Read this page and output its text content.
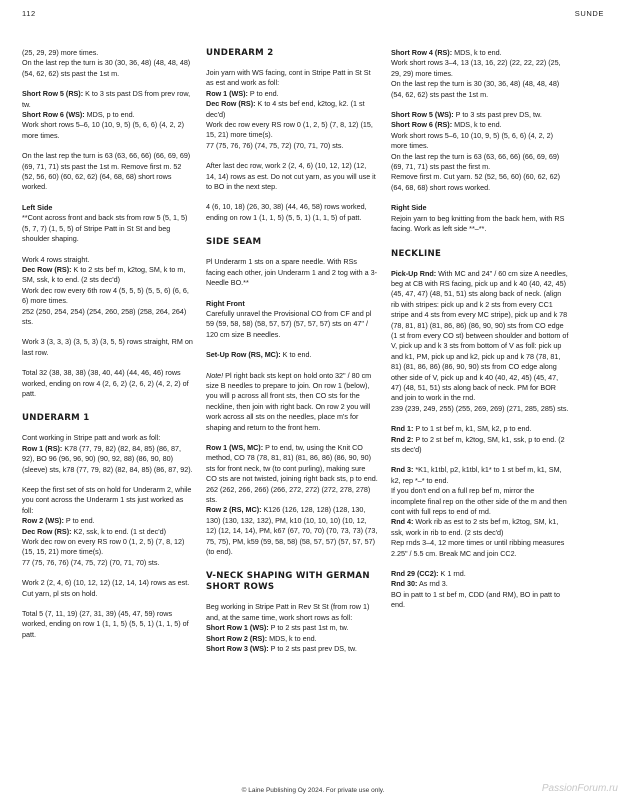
112	SUNDE

(25, 29, 29) more times.
On the last rep the turn is 30 (30, 36, 48) (48, 48, 48) (54, 62, 62) sts past the 1st m.

Short Row 5 (RS): K to 3 sts past DS from prev row, tw.
Short Row 6 (WS): MDS, p to end.
Work short rows 5–6, 10 (10, 9, 5) (5, 6, 6) (4, 2, 2) more times.

On the last rep the turn is 63 (63, 66, 66) (66, 69, 69) (69, 71, 71) sts past the 1st m. Remove first m. 52 (52, 56, 60) (60, 62, 62) (64, 68, 68) short rows worked.

Left Side

**Cont across front and back sts from row 5 (5, 1, 5) (5, 7, 7) (1, 5, 5) of Stripe Patt in St St and beg shoulder shaping.

Work 4 rows straight.
Dec Row (RS): K to 2 sts bef m, k2tog, SM, k to m, SM, ssk, k to end. (2 sts dec'd)
Work dec row every 6th row 4 (5, 5, 5) (5, 5, 6) (6, 6, 6) more times.
252 (250, 254, 254) (254, 260, 258) (258, 264, 264) sts.

Work 3 (3, 3, 3) (3, 5, 3) (3, 5, 5) rows straight, RM on last row.

Total 32 (38, 38, 38) (38, 40, 44) (44, 46, 46) rows worked, ending on row 4 (2, 6, 2) (2, 6, 2) (4, 2, 2) of patt.

UNDERARM 1

Cont working in Stripe patt and work as foll:
Row 1 (RS): K78 (77, 79, 82) (82, 84, 85) (86, 87, 92), BO 96 (96, 96, 90) (90, 92, 88) (86, 90, 80) (sleeve) sts, k78 (77, 79, 82) (82, 84, 85) (86, 87, 92).

Keep the first set of sts on hold for Underarm 2, while you cont across the Underarm 1 sts just worked as foll:
Row 2 (WS): P to end.
Dec Row (RS): K2, ssk, k to end. (1 st dec'd)
Work dec row on every RS row 0 (1, 2, 5) (7, 8, 12) (15, 15, 21) more time(s).
77 (75, 76, 76) (74, 75, 72) (70, 71, 70) sts.

Work 2 (2, 4, 6) (10, 12, 12) (12, 14, 14) rows as est. Cut yarn, pl sts on hold.

Total 5 (7, 11, 19) (27, 31, 39) (45, 47, 59) rows worked, ending on row 1 (1, 1, 5) (5, 5, 1) (1, 1, 5) of patt.

UNDERARM 2

Join yarn with WS facing, cont in Stripe Patt in St St as est and work as foll:
Row 1 (WS): P to end.
Dec Row (RS): K to 4 sts bef end, k2tog, k2. (1 st dec'd)
Work dec row every RS row 0 (1, 2, 5) (7, 8, 12) (15, 15, 21) more time(s).
77 (75, 76, 76) (74, 75, 72) (70, 71, 70) sts.

After last dec row, work 2 (2, 4, 6) (10, 12, 12) (12, 14, 14) rows as est. Do not cut yarn, as you will use it to BO in the next step.

4 (6, 10, 18) (26, 30, 38) (44, 46, 58) rows worked, ending on row 1 (1, 1, 5) (5, 5, 1) (1, 1, 5) of patt.

SIDE SEAM

Pl Underarm 1 sts on a spare needle. With RSs facing each other, join Underarm 1 and 2 tog with a 3-Needle BO.**

Right Front

Carefully unravel the Provisional CO from CF and pl 59 (59, 58, 58) (58, 57, 57) (57, 57, 57) sts on 47" / 120 cm size B needles.

Set-Up Row (RS, MC): K to end.

Note! Pl right back sts kept on hold onto 32" / 80 cm size B needles to prepare to join. On row 1 (below), you will p across all front sts, then CO sts for the neckline, then join with right back. On row 2 you will work across all sts on the needles, place m's for shaping and return to the front hem.

Row 1 (WS, MC): P to end, tw, using the Knit CO method, CO 78 (78, 81, 81) (81, 86, 86) (86, 90, 90) sts for front neck, tw (to cont purling), making sure CO sts are not twisted, joining right back sts, p to end.
262 (262, 266, 266) (266, 272, 272) (272, 278, 278) sts.
Row 2 (RS, MC): K126 (126, 128, 128) (128, 130, 130) (130, 132, 132), PM, k10 (10, 10, 10) (10, 12, 12) (12, 14, 14), PM, k67 (67, 70, 70) (70, 73, 73) (73, 75, 75), PM, k59 (59, 58, 58) (58, 57, 57) (57, 57, 57) (to end).

V-NECK SHAPING WITH GERMAN SHORT ROWS

Beg working in Stripe Patt in Rev St St (from row 1) and, at the same time, work short rows as foll:
Short Row 1 (WS): P to 2 sts past 1st m, tw.
Short Row 2 (RS): MDS, k to end.
Short Row 3 (WS): P to 2 sts past prev DS, tw.

Short Row 4 (RS): MDS, k to end.
Work short rows 3–4, 13 (13, 16, 22) (22, 22, 22) (25, 29, 29) more times.
On the last rep the turn is 30 (30, 36, 48) (48, 48, 48) (54, 62, 62) sts past the 1st m.

Short Row 5 (WS): P to 3 sts past prev DS, tw.
Short Row 6 (RS): MDS, k to end.
Work short rows 5–6, 10 (10, 9, 5) (5, 6, 6) (4, 2, 2) more times.
On the last rep the turn is 63 (63, 66, 66) (66, 69, 69) (69, 71, 71) sts past the first m.
Remove first m. Cut yarn. 52 (52, 56, 60) (60, 62, 62) (64, 68, 68) short rows worked.

Right Side

Rejoin yarn to beg knitting from the back hem, with RS facing. Work as left side **–**.

NECKLINE

Pick-Up Rnd: With MC and 24" / 60 cm size A needles, beg at CB with RS facing, pick up and k 40 (40, 42, 45) (45, 47, 47) (48, 51, 51) sts along back of neck. (align rib with stripes: pick up and k 2 sts from every CC1 stripe and 4 sts from every MC stripe), pick up and k 78 (78, 81, 81) (81, 86, 86) (86, 90, 90) sts from CO edge (1 st from every CO st) between shoulder and bottom of V, pick up and k 3 sts from bottom of V as foll: pick up and k1, PM, pick up and k2, pick up and k 78 (78, 81, 81) (81, 86, 86) (86, 90, 90) sts from CO edge along other side of V, pick up and k 40 (40, 42, 45) (45, 47, 47) (48, 51, 51) sts along back of neck. PM for BOR and join to work in the rnd.
239 (239, 249, 255) (255, 269, 269) (271, 285, 285) sts.

Rnd 1: P to 1 st bef m, k1, SM, k2, p to end.
Rnd 2: P to 2 st bef m, k2tog, SM, k1, ssk, p to end. (2 sts dec'd)

Rnd 3: *K1, k1tbl, p2, k1tbl, k1* to 1 st bef m, k1, SM, k2, rep *–* to end.
If you don't end on a full rep bef m, mirror the incomplete final rep on the other side of the m and then cont with full reps to end of rnd.
Rnd 4: Work rib as est to 2 sts bef m, k2tog, SM, k1, ssk, work in rib to end. (2 sts dec'd)
Rep rnds 3–4, 12 more times or until ribbing measures 2.25" / 5.5 cm. Break MC and join CC2.

Rnd 29 (CC2): K 1 rnd.
Rnd 30: As rnd 3.
BO in patt to 1 st bef m, CDD (and RM), BO in patt to end.

© Laine Publishing Oy 2024. For private use only.	PassionForum.ru
